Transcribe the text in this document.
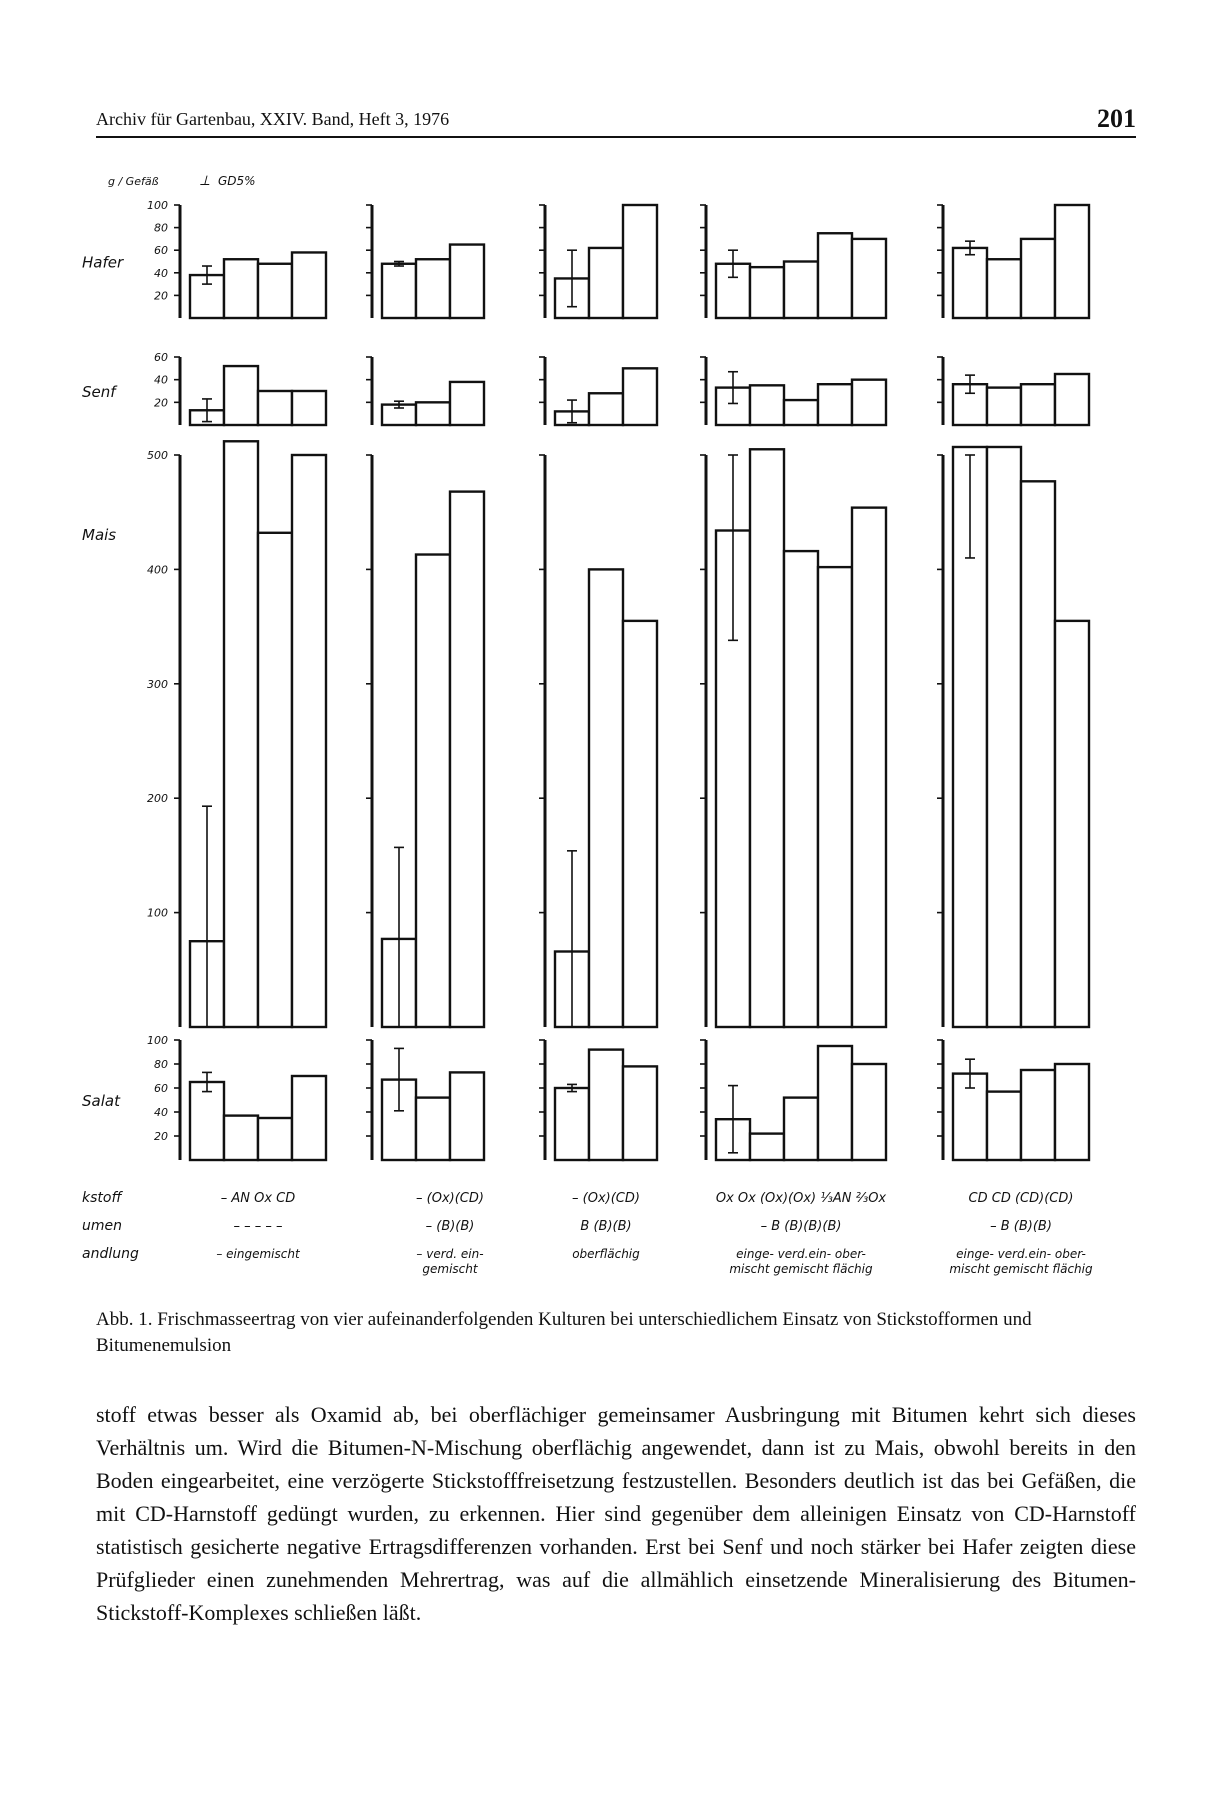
Archiv für Gartenbau, XXIV. Band, Heft 3, 1976	201
g / Gefäß	⟂ GD5%
Hafer
100
80
60
40
20
Senf
60
40
20
Mais
500
400
300
200
100
Salat
100
80
60
40
20
kstoff
umen
andlung
– AN Ox CD
– – – – –
– eingemischt
– (Ox)(CD)
– (B)(B)
– verd. ein-
gemischt
– (Ox)(CD)
B (B)(B)
oberflächig
Ox Ox (Ox)(Ox) ⅓AN ⅔Ox
– B (B)(B)(B)
einge- verd.ein- ober-
mischt gemischt flächig
CD CD (CD)(CD)
– B (B)(B)
einge- verd.ein- ober-
mischt gemischt flächig
Abb. 1. Frischmasseertrag von vier aufeinanderfolgenden Kulturen bei unterschiedlichem Einsatz von Stickstofformen und Bitumenemulsion

stoff etwas besser als Oxamid ab, bei oberflächiger gemeinsamer Ausbringung mit Bitumen kehrt sich dieses Verhältnis um. Wird die Bitumen-N-Mischung oberflächig angewendet, dann ist zu Mais, obwohl bereits in den Boden eingearbeitet, eine verzögerte Stickstofffreisetzung festzustellen. Besonders deutlich ist das bei Gefäßen, die mit CD-Harnstoff gedüngt wurden, zu erkennen. Hier sind gegenüber dem alleinigen Einsatz von CD-Harnstoff statistisch gesicherte negative Ertragsdifferenzen vorhanden. Erst bei Senf und noch stärker bei Hafer zeigten diese Prüfglieder einen zunehmenden Mehrertrag, was auf die allmählich einsetzende Mineralisierung des Bitumen-Stickstoff-Komplexes schließen läßt.
